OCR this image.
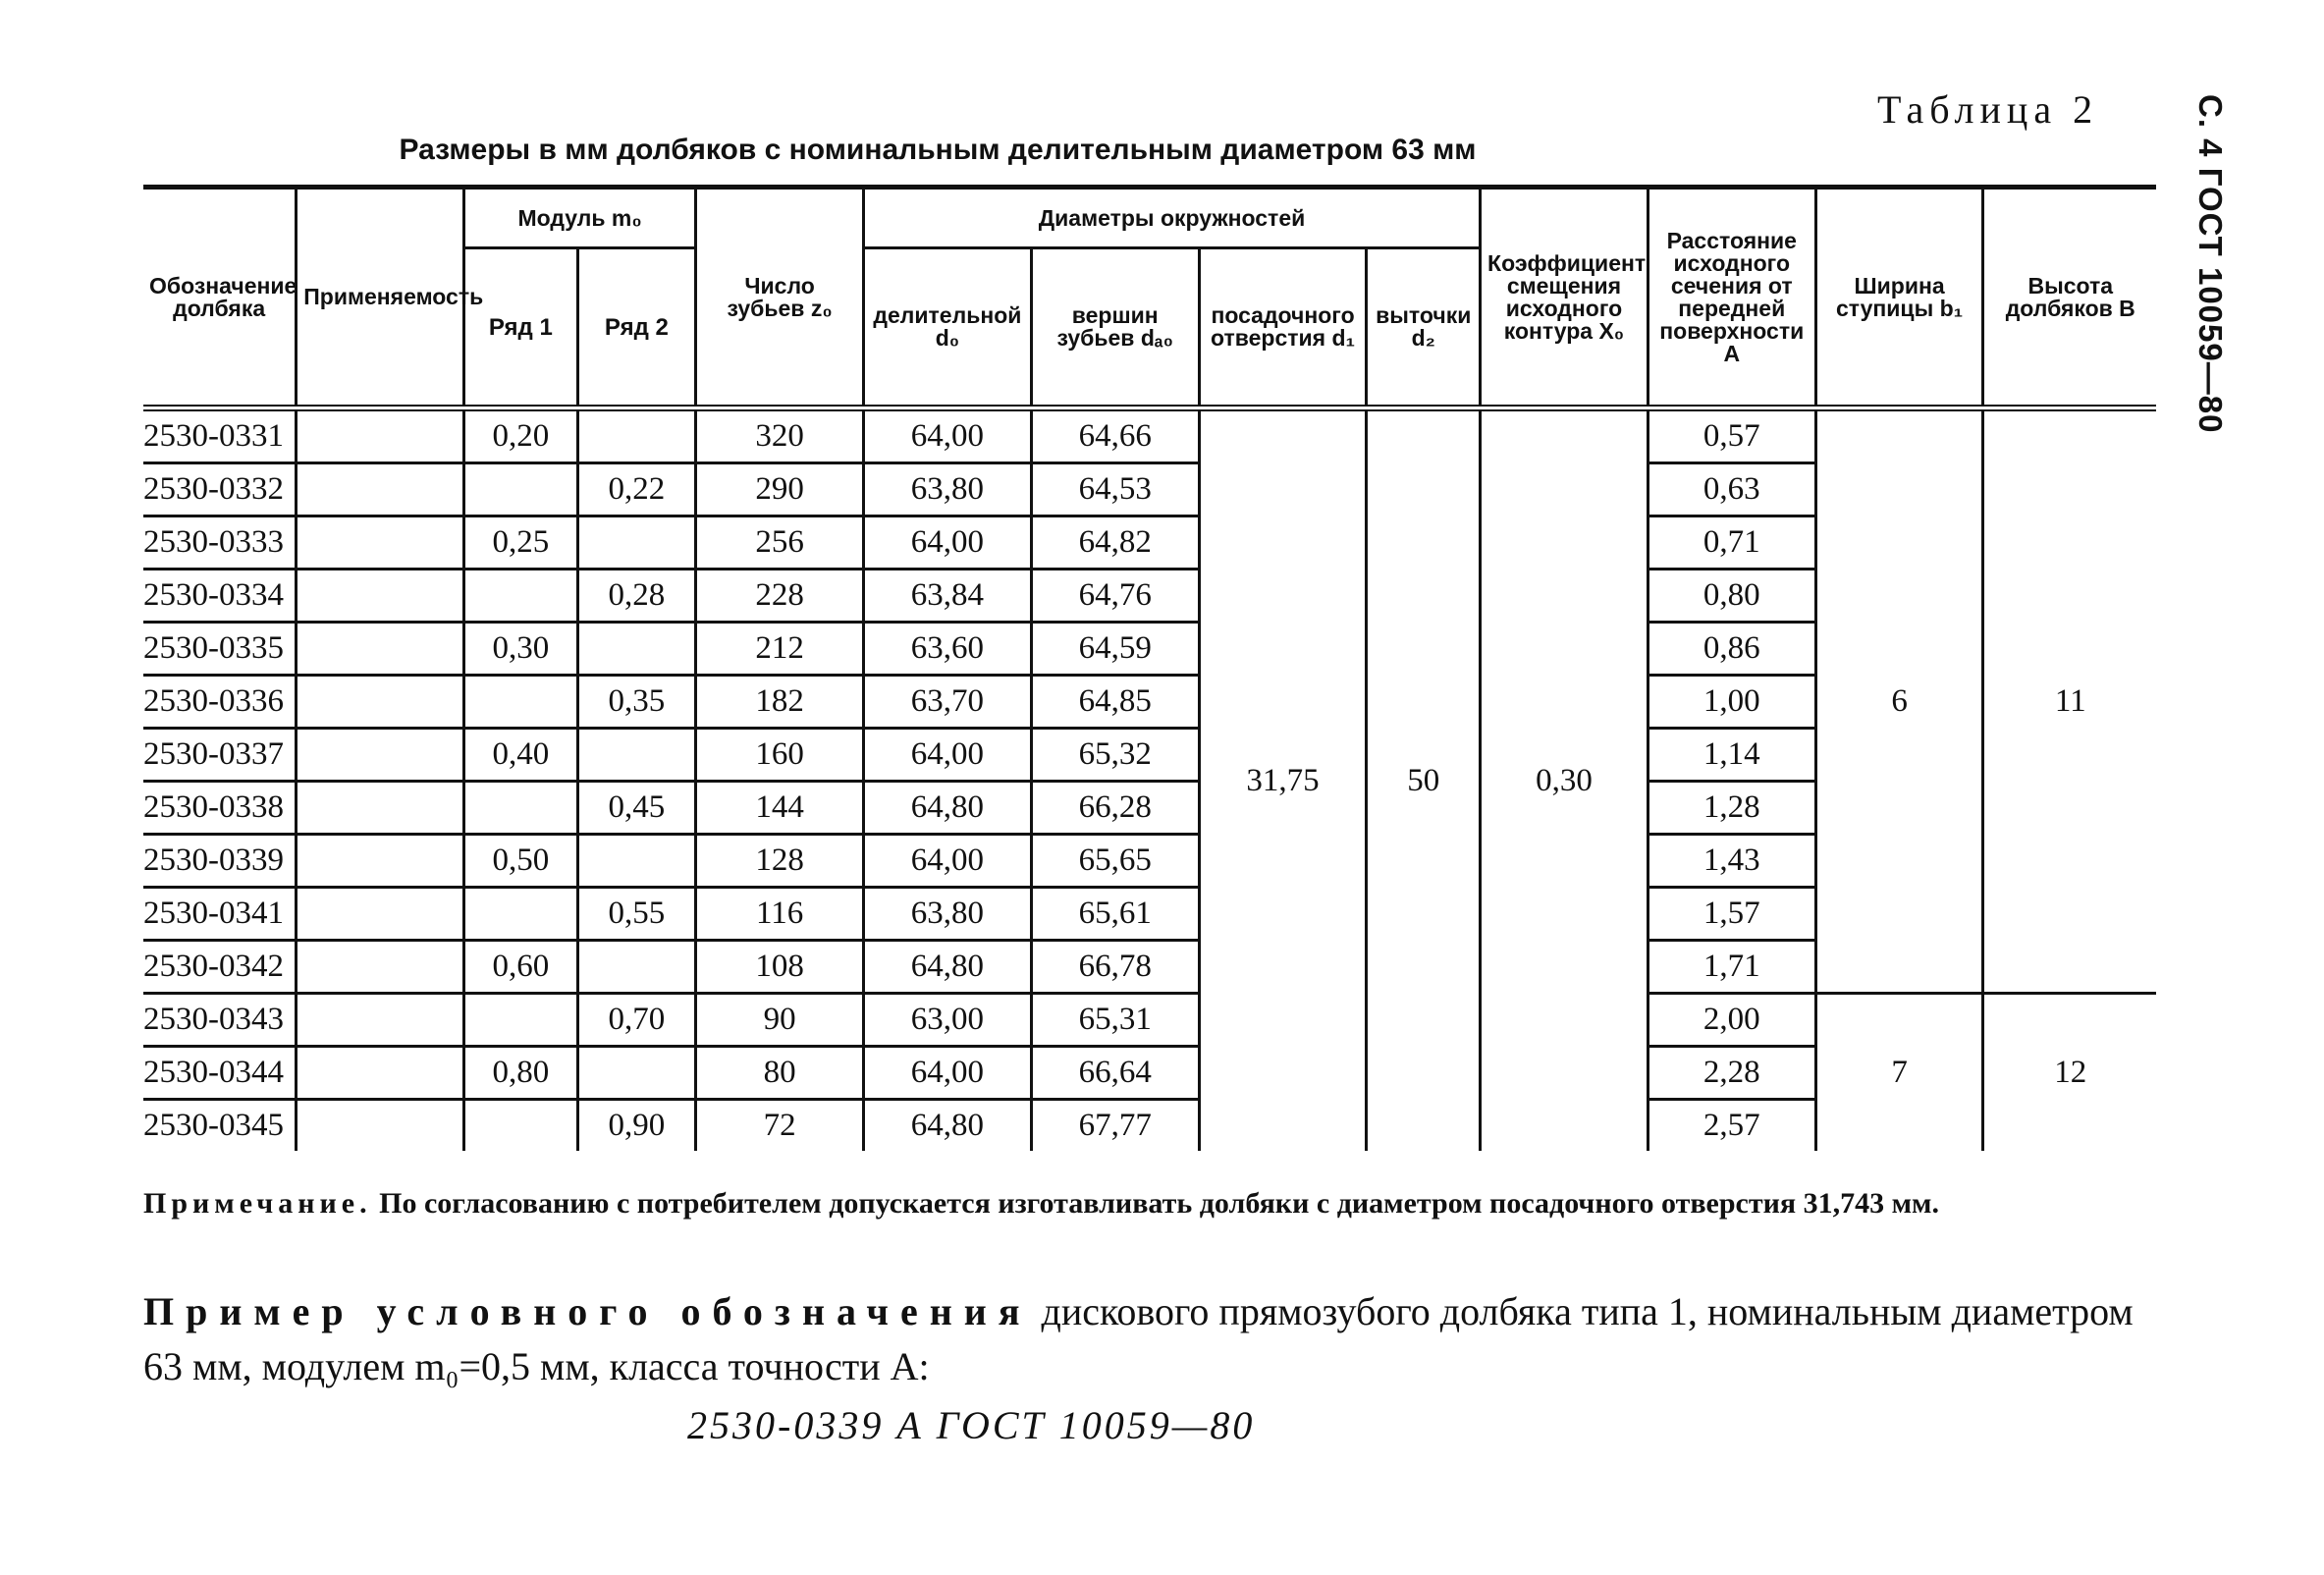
Таблица 2	С. 4 ГОСТ 10059—80
Размеры в мм долбяков с номинальным делительным диаметром 63 мм
Обозначение долбяка	Применяемость	Модуль m₀		Число зубьев z₀	Диаметры окружностей				Коэффициент смещения исходного контура X₀	Расстояние исходного сечения от передней поверхности A	Ширина ступицы b₁	Высота долбяков B
		Ряд 1	Ряд 2		делительной d₀	вершин зубьев dₐ₀	посадочного отверстия d₁	выточки d₂				
2530-0331		0,20		320	64,00	64,66	31,75	50	0,30	0,57	6	11
2530-0332			0,22	290	63,80	64,53				0,63		
2530-0333		0,25		256	64,00	64,82				0,71		
2530-0334			0,28	228	63,84	64,76				0,80		
2530-0335		0,30		212	63,60	64,59				0,86		
2530-0336			0,35	182	63,70	64,85				1,00		
2530-0337		0,40		160	64,00	65,32				1,14		
2530-0338			0,45	144	64,80	66,28				1,28		
2530-0339		0,50		128	64,00	65,65				1,43		
2530-0341			0,55	116	63,80	65,61				1,57		
2530-0342		0,60		108	64,80	66,78				1,71		
2530-0343			0,70	90	63,00	65,31				2,00	7	12
2530-0344		0,80		80	64,00	66,64				2,28		
2530-0345			0,90	72	64,80	67,77				2,57		
Примечание. По согласованию с потребителем допускается изготавливать долбяки с диаметром посадочного отверстия 31,743 мм.
Пример условного обозначения дискового прямозубого долбяка типа 1, номинальным диаметром 63 мм, модулем m₀=0,5 мм, класса точности А:
2530-0339 А ГОСТ 10059—80
